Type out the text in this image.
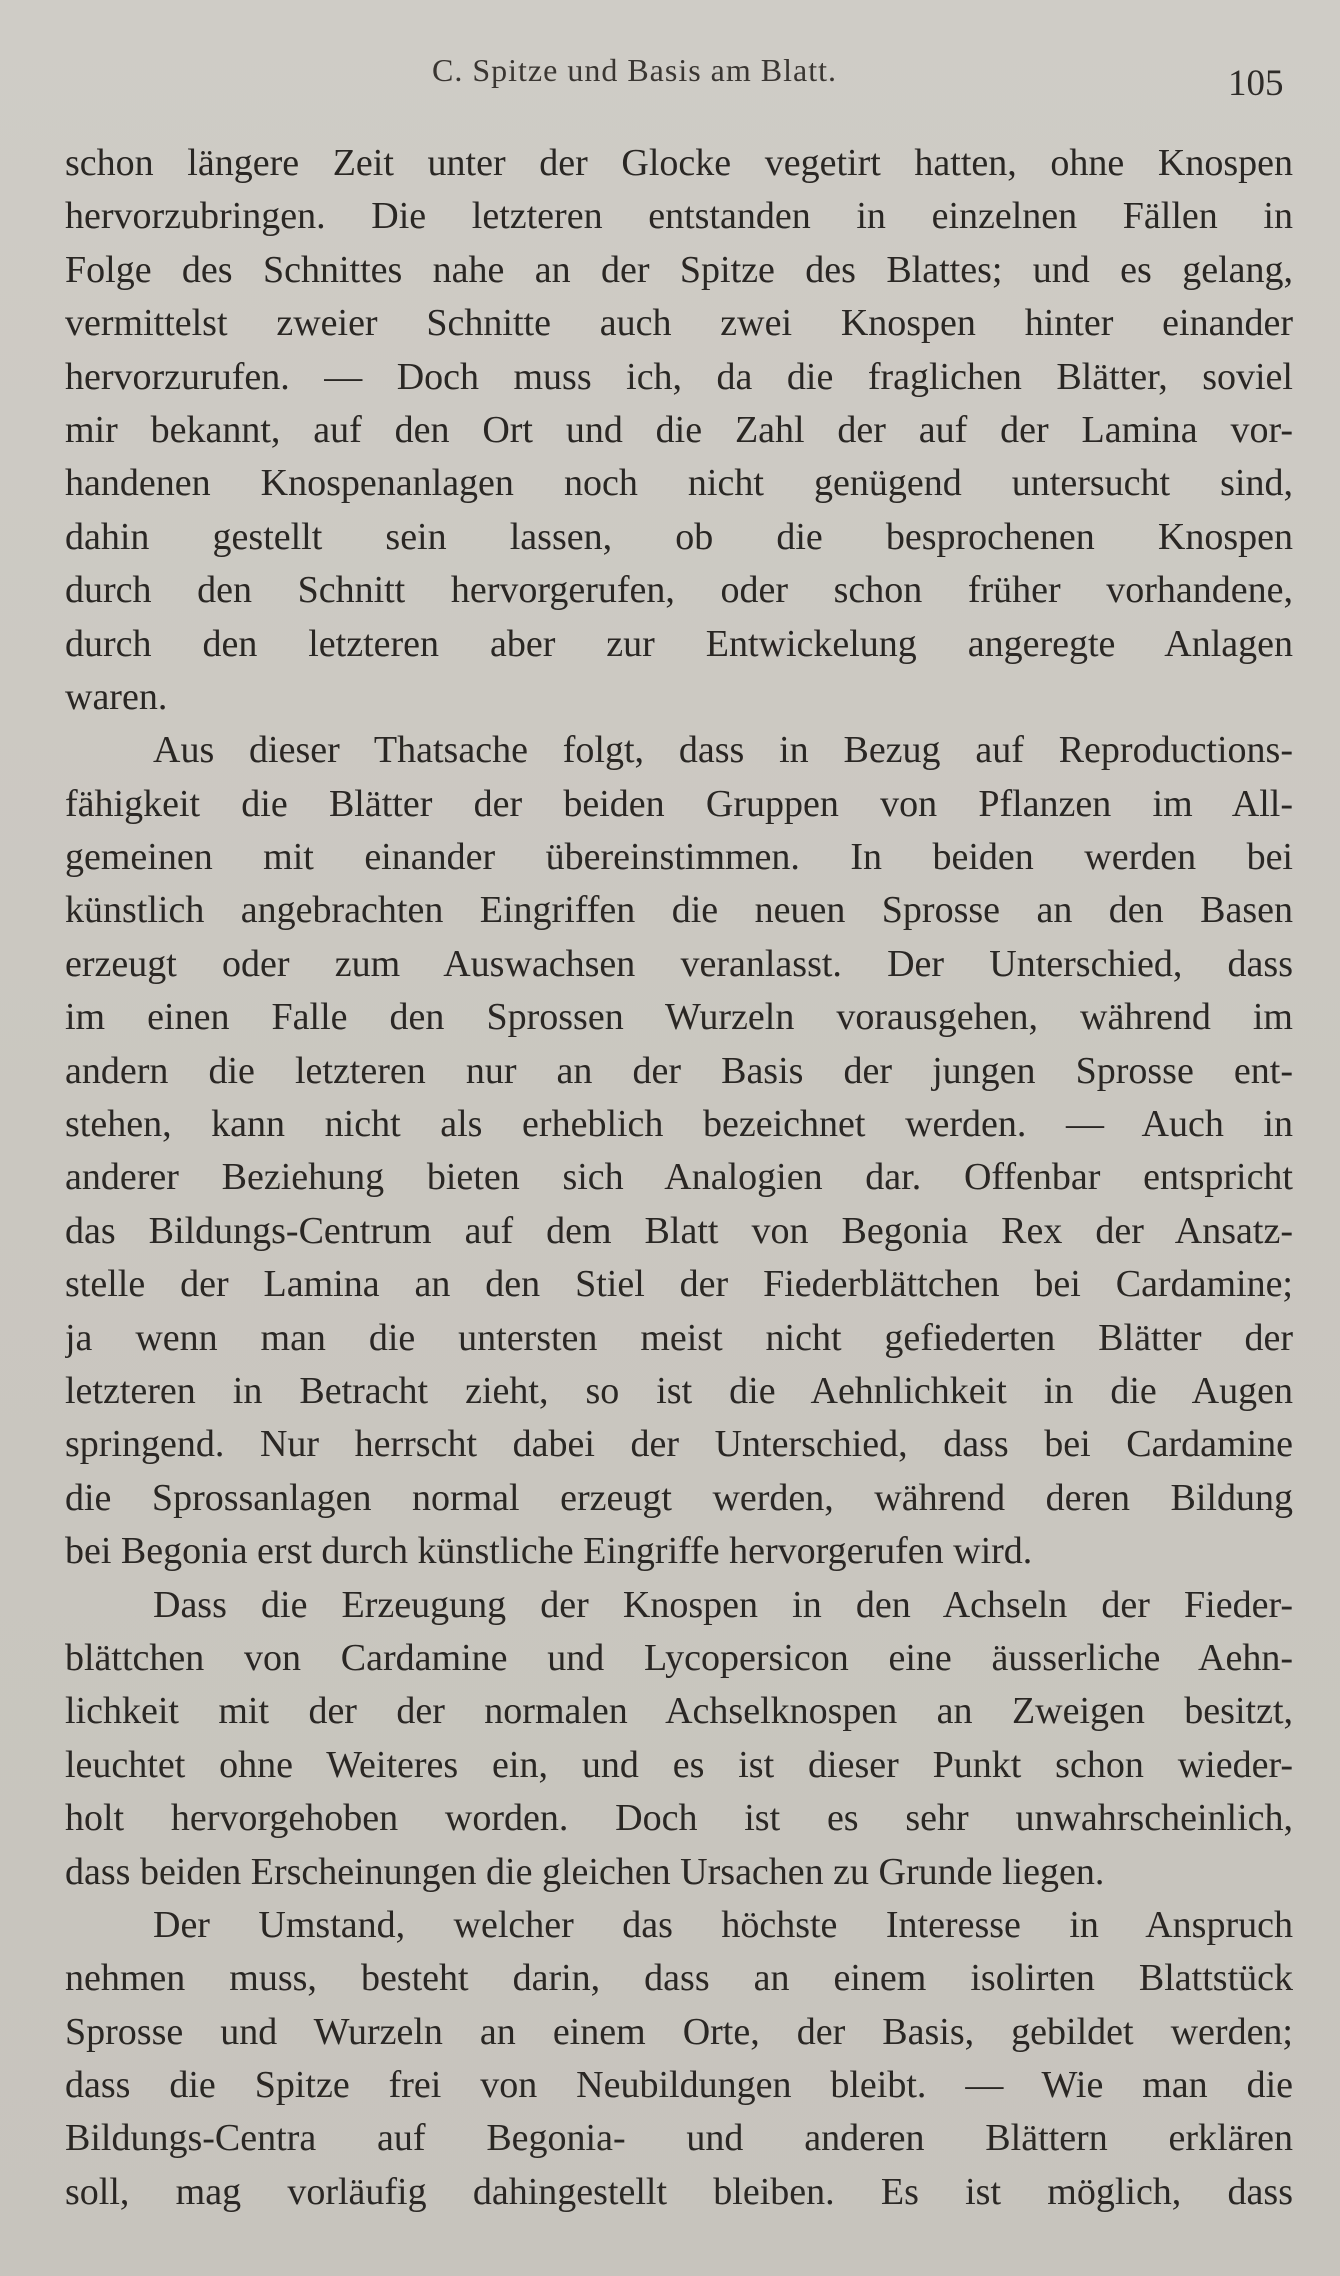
C. Spitze und Basis am Blatt.	105
schon längere Zeit unter der Glocke vegetirt hatten, ohne Knospen
hervorzubringen. Die letzteren entstanden in einzelnen Fällen in
Folge des Schnittes nahe an der Spitze des Blattes; und es gelang,
vermittelst zweier Schnitte auch zwei Knospen hinter einander
hervorzurufen. — Doch muss ich, da die fraglichen Blätter, soviel
mir bekannt, auf den Ort und die Zahl der auf der Lamina vor-
handenen Knospenanlagen noch nicht genügend untersucht sind,
dahin gestellt sein lassen, ob die besprochenen Knospen
durch den Schnitt hervorgerufen, oder schon früher vorhandene,
durch den letzteren aber zur Entwickelung angeregte Anlagen
waren.
Aus dieser Thatsache folgt, dass in Bezug auf Reproductions-
fähigkeit die Blätter der beiden Gruppen von Pflanzen im All-
gemeinen mit einander übereinstimmen. In beiden werden bei
künstlich angebrachten Eingriffen die neuen Sprosse an den Basen
erzeugt oder zum Auswachsen veranlasst. Der Unterschied, dass
im einen Falle den Sprossen Wurzeln vorausgehen, während im
andern die letzteren nur an der Basis der jungen Sprosse ent-
stehen, kann nicht als erheblich bezeichnet werden. — Auch in
anderer Beziehung bieten sich Analogien dar. Offenbar entspricht
das Bildungs-Centrum auf dem Blatt von Begonia Rex der Ansatz-
stelle der Lamina an den Stiel der Fiederblättchen bei Cardamine;
ja wenn man die untersten meist nicht gefiederten Blätter der
letzteren in Betracht zieht, so ist die Aehnlichkeit in die Augen
springend. Nur herrscht dabei der Unterschied, dass bei Cardamine
die Sprossanlagen normal erzeugt werden, während deren Bildung
bei Begonia erst durch künstliche Eingriffe hervorgerufen wird.
Dass die Erzeugung der Knospen in den Achseln der Fieder-
blättchen von Cardamine und Lycopersicon eine äusserliche Aehn-
lichkeit mit der der normalen Achselknospen an Zweigen besitzt,
leuchtet ohne Weiteres ein, und es ist dieser Punkt schon wieder-
holt hervorgehoben worden. Doch ist es sehr unwahrscheinlich,
dass beiden Erscheinungen die gleichen Ursachen zu Grunde liegen.
Der Umstand, welcher das höchste Interesse in Anspruch
nehmen muss, besteht darin, dass an einem isolirten Blattstück
Sprosse und Wurzeln an einem Orte, der Basis, gebildet werden;
dass die Spitze frei von Neubildungen bleibt. — Wie man die
Bildungs-Centra auf Begonia- und anderen Blättern erklären
soll, mag vorläufig dahingestellt bleiben. Es ist möglich, dass
